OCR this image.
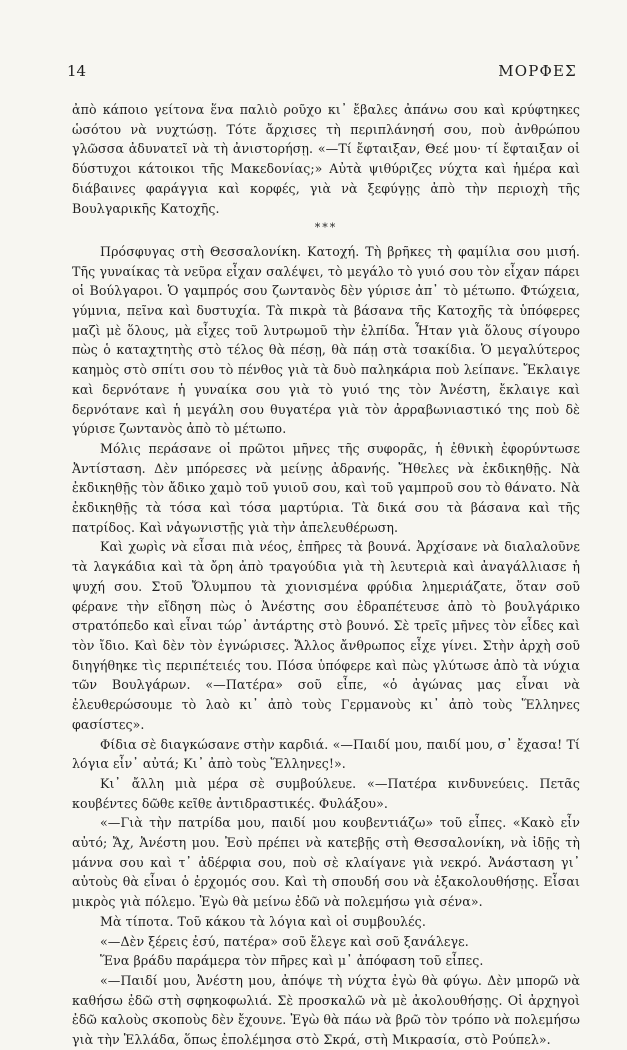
14	ΜΟΡΦΕΣ

ἀπὸ κάποιο γείτονα ἕνα παλιὸ ροῦχο κι᾿ ἔβαλες ἀπάνω σου καὶ κρύφτηκες ὡσότου νὰ νυχτώσῃ. Τότε ἄρχισες τὴ περιπλάνησή σου, ποὺ ἀνθρώπου γλῶσσα ἀδυνατεῖ νὰ τὴ ἀνιστορήσῃ. «—Τί ἔφταιξαν, Θεέ μου· τί ἔφταιξαν οἱ δύστυχοι κάτοικοι τῆς Μακεδονίας;» Αὐτὰ ψιθύριζες νύχτα καὶ ἡμέρα καὶ διάβαινες φαράγγια καὶ κορφές, γιὰ νὰ ξεφύγῃς ἀπὸ τὴν περιοχὴ τῆς Βουλγαρικῆς Κατοχῆς.

***

Πρόσφυγας στὴ Θεσσαλονίκη. Κατοχή. Τὴ βρῆκες τὴ φαμίλια σου μισή. Τῆς γυναίκας τὰ νεῦρα εἶχαν σαλέψει, τὸ μεγάλο τὸ γυιό σου τὸν εἶχαν πάρει οἱ Βούλγαροι. Ὁ γαμπρός σου ζωντανὸς δὲν γύρισε ἀπ᾿ τὸ μέτωπο. Φτώχεια, γύμνια, πεῖνα καὶ δυστυχία. Τὰ πικρὰ τὰ βάσανα τῆς Κατοχῆς τὰ ὑπόφερες μαζὶ μὲ ὅλους, μὰ εἶχες τοῦ λυτρωμοῦ τὴν ἐλπίδα. Ἦταν γιὰ ὅλους σίγουρο πὼς ὁ καταχτητὴς στὸ τέλος θὰ πέσῃ, θὰ πάῃ στὰ τσακίδια. Ὁ μεγαλύτερος καημὸς στὸ σπίτι σου τὸ πένθος γιὰ τὰ δυὸ παληκάρια ποὺ λείπανε. Ἔκλαιγε καὶ δερνότανε ἡ γυναίκα σου γιὰ τὸ γυιό της τὸν Ἀνέστη, ἔκλαιγε καὶ δερνότανε καὶ ἡ μεγάλη σου θυγατέρα γιὰ τὸν ἀρραβωνιαστικό της ποὺ δὲ γύρισε ζωντανὸς ἀπὸ τὸ μέτωπο.

Μόλις περάσανε οἱ πρῶτοι μῆνες τῆς συφορᾶς, ἡ ἐθνικὴ ἐφορύντωσε Ἀντίσταση. Δὲν μπόρεσες νὰ μείνῃς ἀδρανής. Ἤθελες νὰ ἐκδικηθῇς. Νὰ ἐκδικηθῇς τὸν ἄδικο χαμὸ τοῦ γυιοῦ σου, καὶ τοῦ γαμπροῦ σου τὸ θάνατο. Νὰ ἐκδικηθῇς τὰ τόσα καὶ τόσα μαρτύρια. Τὰ δικά σου τὰ βάσανα καὶ τῆς πατρίδος. Καὶ νἀγωνιστῇς γιὰ τὴν ἀπελευθέρωση.

Καὶ χωρὶς νὰ εἶσαι πιὰ νέος, ἐπῆρες τὰ βουνά. Ἀρχίσανε νὰ διαλαλοῦνε τὰ λαγκάδια καὶ τὰ ὄρη ἀπὸ τραγούδια γιὰ τὴ λευτεριὰ καὶ ἀναγάλλιασε ἡ ψυχή σου. Στοῦ Ὄλυμπου τὰ χιονισμένα φρύδια λημεριάζατε, ὅταν σοῦ φέρανε τὴν εἴδηση πὼς ὁ Ἀνέστης σου ἐδραπέτευσε ἀπὸ τὸ βουλγάρικο στρατόπεδο καὶ εἶναι τώρ᾿ ἀντάρτης στὸ βουνό. Σὲ τρεῖς μῆνες τὸν εἶδες καὶ τὸν ἴδιο. Καὶ δὲν τὸν ἐγνώρισες. Ἄλλος ἄνθρωπος εἶχε γίνει. Στὴν ἀρχὴ σοῦ διηγήθηκε τὶς περιπέτειές του. Πόσα ὑπόφερε καὶ πὼς γλύτωσε ἀπὸ τὰ νύχια τῶν Βουλγάρων. «—Πατέρα» σοῦ εἶπε, «ὁ ἀγώνας μας εἶναι νὰ ἐλευθερώσουμε τὸ λαὸ κι᾿ ἀπὸ τοὺς Γερμανοὺς κι᾿ ἀπὸ τοὺς Ἕλληνες φασίστες».

Φίδια σὲ διαγκώσανε στὴν καρδιά. «—Παιδί μου, παιδί μου, σ᾿ ἔχασα! Τί λόγια εἶν᾿ αὐτά; Κι᾿ ἀπὸ τοὺς Ἕλληνες!».

Κι᾿ ἄλλη μιὰ μέρα σὲ συμβούλευε. «—Πατέρα κινδυνεύεις. Πετᾶς κουβέντες δῶθε κεῖθε ἀντιδραστικές. Φυλάξου».

«—Γιὰ τὴν πατρίδα μου, παιδί μου κουβεντιάζω» τοῦ εἶπες. «Κακὸ εἶν αὐτό; Ἄχ, Ἀνέστη μου. Ἐσὺ πρέπει νὰ κατεβῇς στὴ Θεσσαλονίκη, νὰ ἰδῇς τὴ μάννα σου καὶ τ᾿ ἀδέρφια σου, ποὺ σὲ κλαίγανε γιὰ νεκρό. Ἀνάσταση γι᾿ αὐτοὺς θὰ εἶναι ὁ ἐρχομός σου. Καὶ τὴ σπουδή σου νὰ ἐξακολουθήσῃς. Εἶσαι μικρὸς γιὰ πόλεμο. Ἐγὼ θὰ μείνω ἐδῶ νὰ πολεμήσω γιὰ σένα».

Μὰ τίποτα. Τοῦ κάκου τὰ λόγια καὶ οἱ συμβουλές.

«—Δὲν ξέρεις ἐσύ, πατέρα» σοῦ ἔλεγε καὶ σοῦ ξανάλεγε.

Ἕνα βράδυ παράμερα τὸν πῆρες καὶ μ᾿ ἀπόφαση τοῦ εἶπες.

«—Παιδί μου, Ἀνέστη μου, ἀπόψε τὴ νύχτα ἐγὼ θὰ φύγω. Δὲν μπορῶ νὰ καθήσω ἐδῶ στὴ σφηκοφωλιά. Σὲ προσκαλῶ νὰ μὲ ἀκολουθήσῃς. Οἱ ἀρχηγοὶ ἐδῶ καλοὺς σκοποὺς δὲν ἔχουνε. Ἐγὼ θὰ πάω νὰ βρῶ τὸν τρόπο νὰ πολεμήσω γιὰ τὴν Ἑλλάδα, ὅπως ἐπολέμησα στὸ Σκρά, στὴ Μικρασία, στὸ Ρούπελ».
